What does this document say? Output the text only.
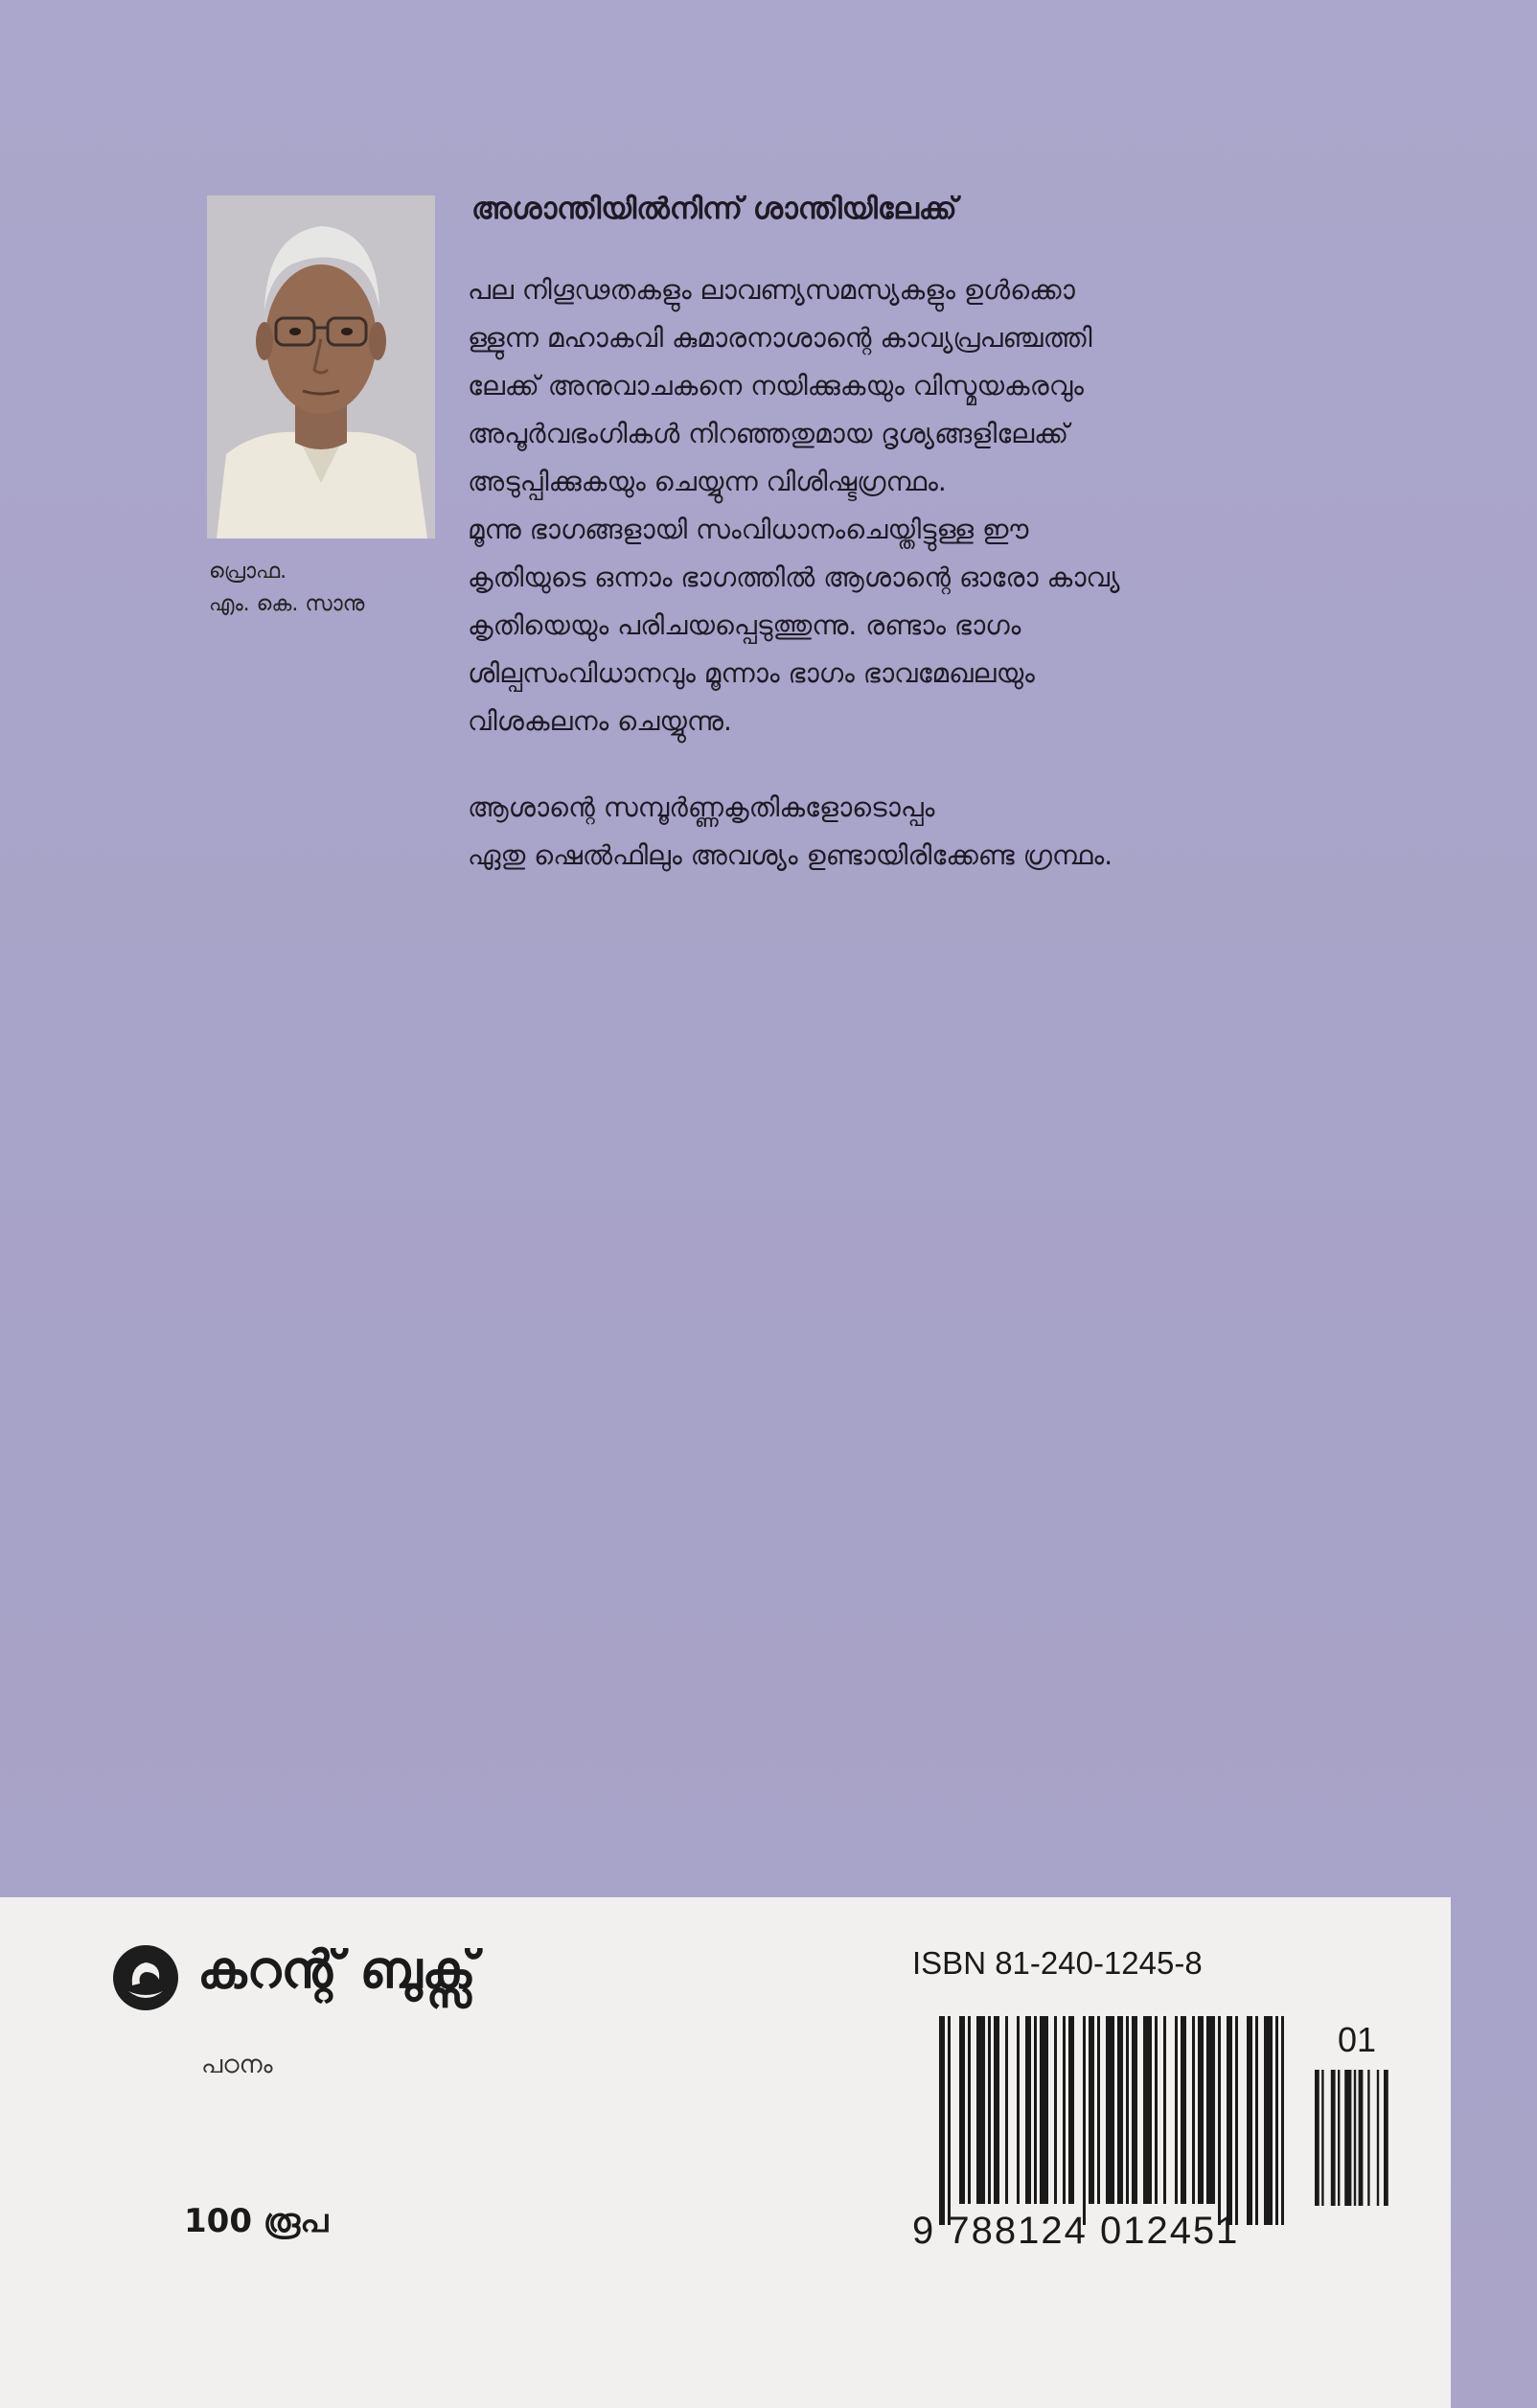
പ്രൊഫ.
എം. കെ. സാനു
അശാന്തിയിൽനിന്ന് ശാന്തിയിലേക്ക്
പല നിഗൂഢതകളും ലാവണ്യസമസ്യകളും ഉൾക്കൊ
ള്ളുന്ന മഹാകവി കുമാരനാശാന്റെ കാവ്യപ്രപഞ്ചത്തി
ലേക്ക് അനുവാചകനെ നയിക്കുകയും വിസ്മയകരവും
അപൂർവഭംഗികൾ നിറഞ്ഞതുമായ ദൃശ്യങ്ങളിലേക്ക്
അടുപ്പിക്കുകയും ചെയ്യുന്ന വിശിഷ്ടഗ്രന്ഥം.
മൂന്നു ഭാഗങ്ങളായി സംവിധാനംചെയ്തിട്ടുള്ള ഈ
കൃതിയുടെ ഒന്നാം ഭാഗത്തിൽ ആശാന്റെ ഓരോ കാവ്യ
കൃതിയെയും പരിചയപ്പെടുത്തുന്നു. രണ്ടാം ഭാഗം
ശില്പസംവിധാനവും മൂന്നാം ഭാഗം ഭാവമേഖലയും
വിശകലനം ചെയ്യുന്നു.
ആശാന്റെ സമ്പൂർണ്ണകൃതികളോടൊപ്പം
ഏതു ഷെൽഫിലും അവശ്യം ഉണ്ടായിരിക്കേണ്ട ഗ്രന്ഥം.
കറന്റ് ബുക്സ്
പഠനം
100 രൂപ
ISBN 81-240-1245-8
01
9 788124 012451
